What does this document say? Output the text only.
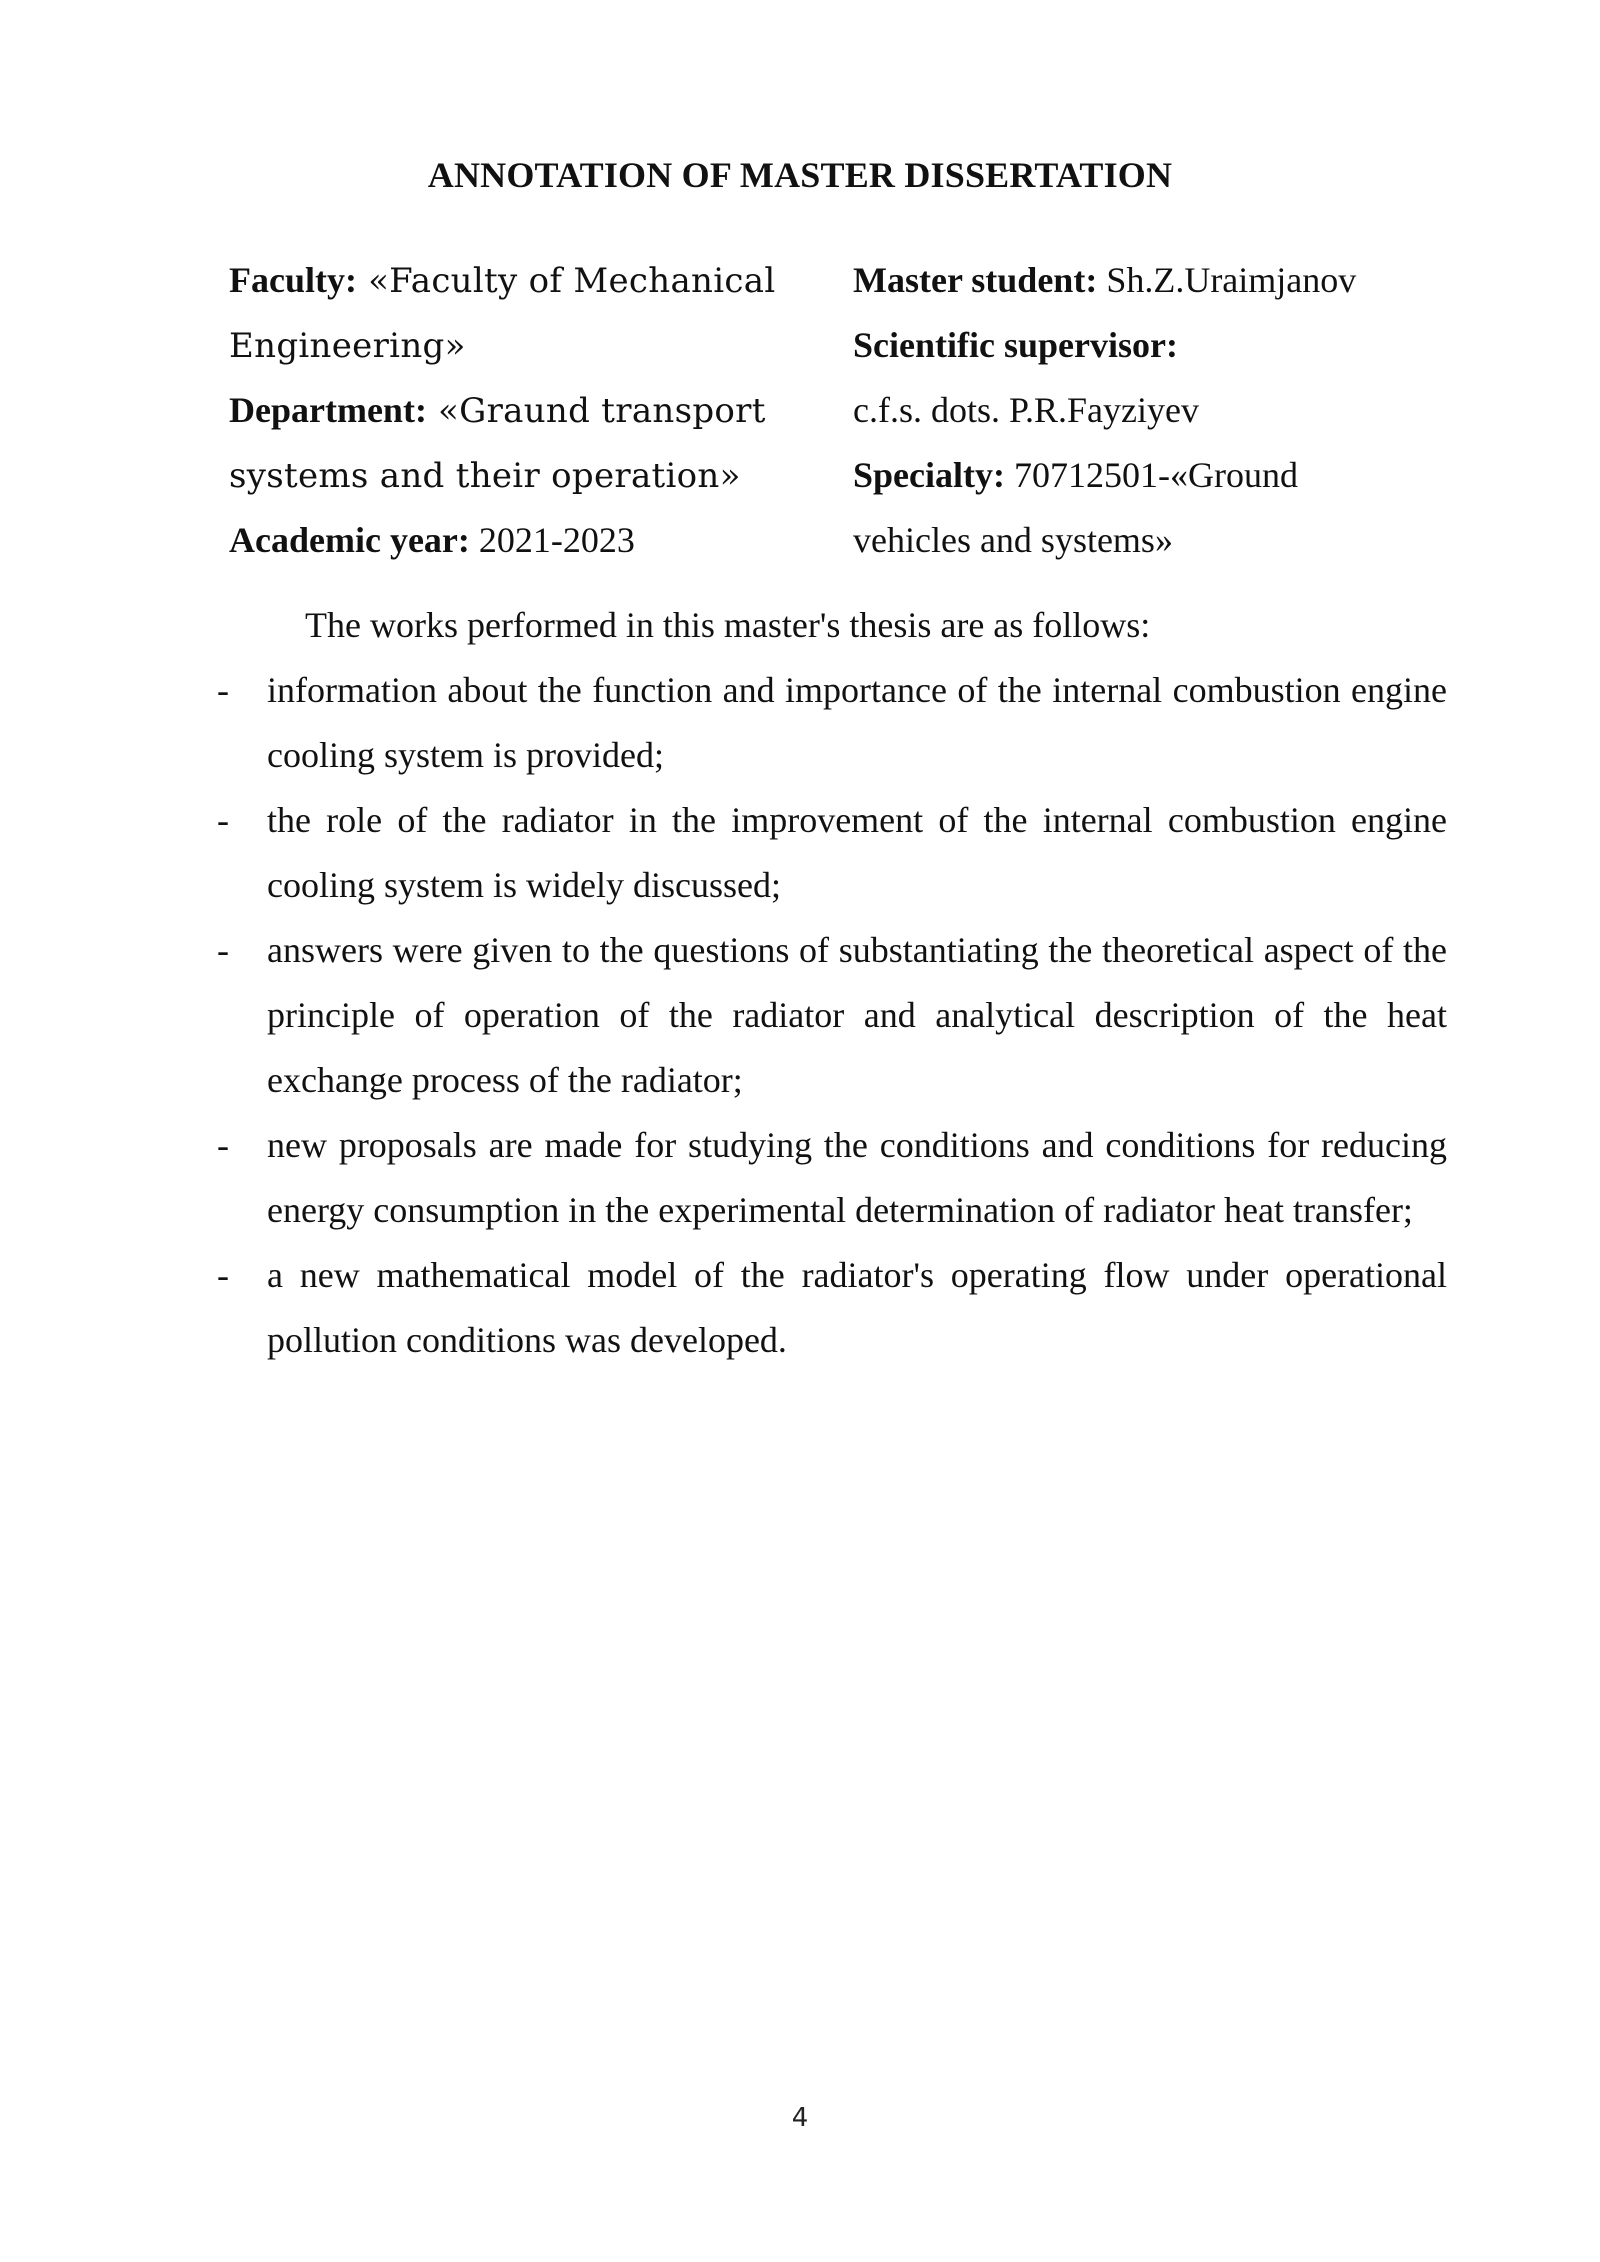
ANNOTATION OF MASTER DISSERTATION
Faculty: «Faculty of Mechanical
Engineering»
Department: «Graund transport
systems and their operation»
Academic year: 2021-2023
Master student: Sh.Z.Uraimjanov
Scientific supervisor:
c.f.s. dots. P.R.Fayziyev
Specialty: 70712501-«Ground
vehicles and systems»
The works performed in this master's thesis are as follows:
- information about the function and importance of the internal combustion engine cooling system is provided;
- the role of the radiator in the improvement of the internal combustion engine cooling system is widely discussed;
- answers were given to the questions of substantiating the theoretical aspect of the principle of operation of the radiator and analytical description of the heat exchange process of the radiator;
- new proposals are made for studying the conditions and conditions for reducing energy consumption in the experimental determination of radiator heat transfer;
- a new mathematical model of the radiator's operating flow under operational pollution conditions was developed.
4
